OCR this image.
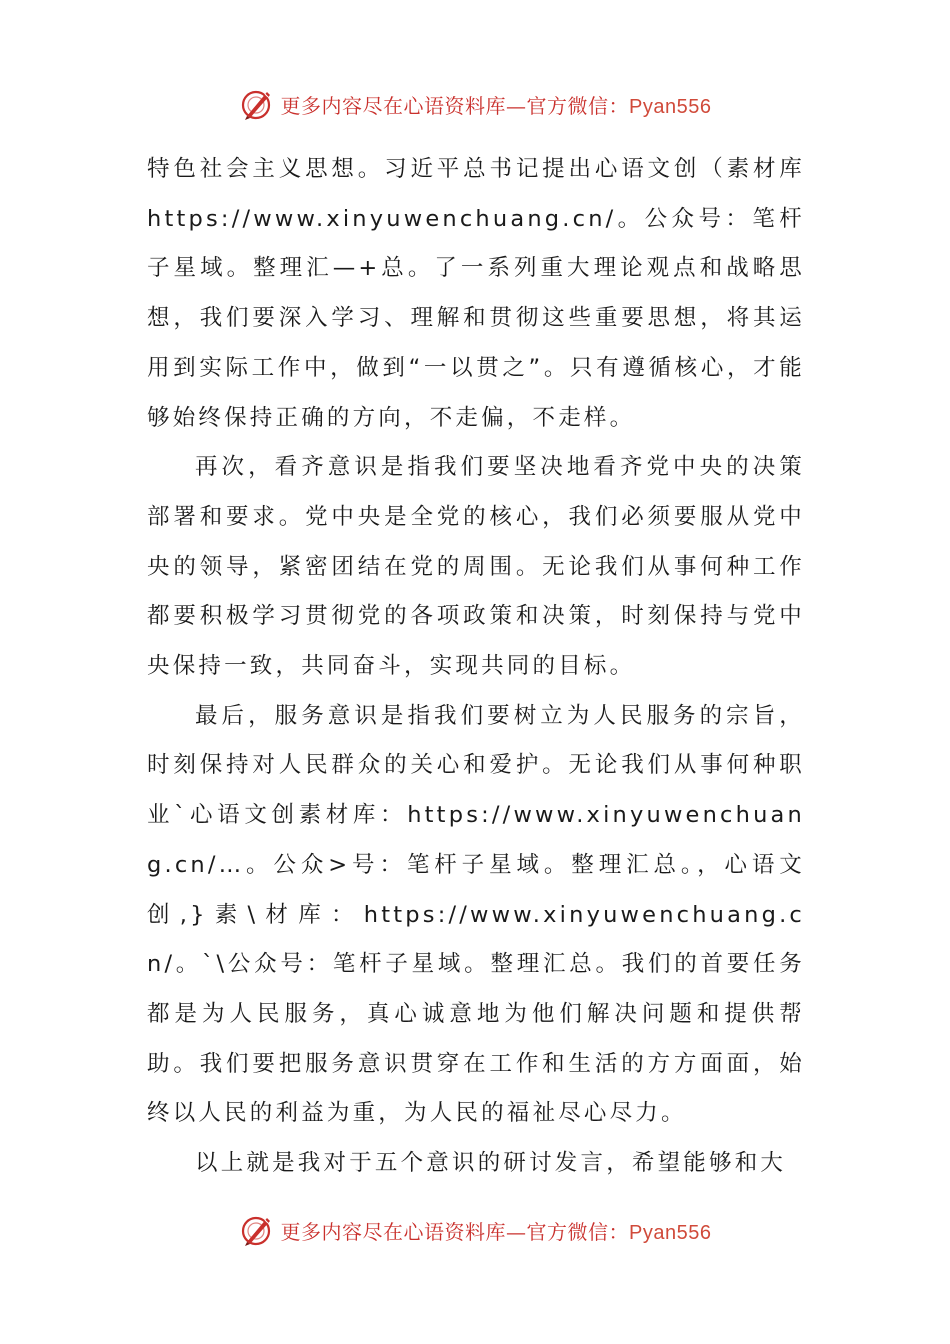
更多内容尽在心语资料库—官方微信：Pyan556

特色社会主义思想。习近平总书记提出心语文创（素材库https://www.xinyuwenchuang.cn/。公众号：笔杆子星域。整理汇—+总。了一系列重大理论观点和战略思想，我们要深入学习、理解和贯彻这些重要思想，将其运用到实际工作中，做到“一以贯之”。只有遵循核心，才能够始终保持正确的方向，不走偏，不走样。

再次，看齐意识是指我们要坚决地看齐党中央的决策部署和要求。党中央是全党的核心，我们必须要服从党中央的领导，紧密团结在党的周围。无论我们从事何种工作都要积极学习贯彻党的各项政策和决策，时刻保持与党中央保持一致，共同奋斗，实现共同的目标。

最后，服务意识是指我们要树立为人民服务的宗旨，时刻保持对人民群众的关心和爱护。无论我们从事何种职业`心语文创素材库：https://www.xinyuwenchuang.cn/…。公众>号：笔杆子星域。整理汇总。，心语文创,}素\材库：https://www.xinyuwenchuang.cn/。`\公众号：笔杆子星域。整理汇总。我们的首要任务都是为人民服务，真心诚意地为他们解决问题和提供帮助。我们要把服务意识贯穿在工作和生活的方方面面，始终以人民的利益为重，为人民的福祉尽心尽力。

以上就是我对于五个意识的研讨发言，希望能够和大

更多内容尽在心语资料库—官方微信：Pyan556
